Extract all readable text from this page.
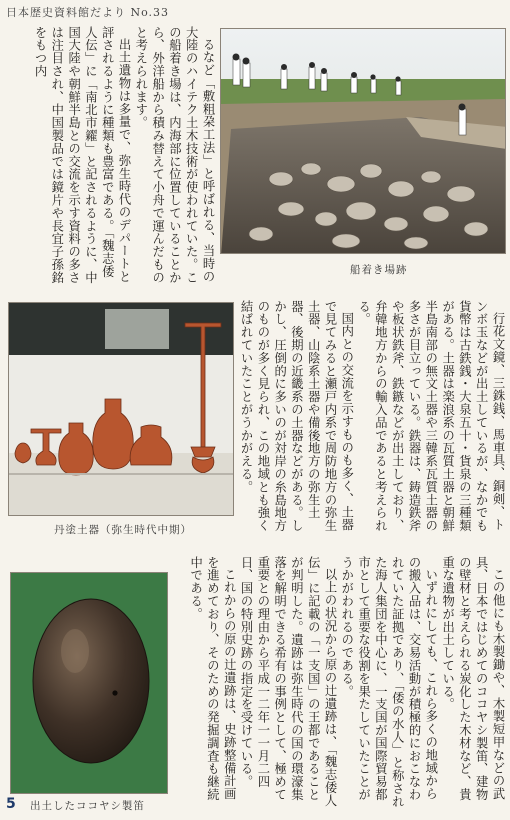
日本歴史資料館だより No.33

るなど「敷粗朶工法」と呼ばれる、当時の大陸のハイテク土木技術が使われていた。この船着き場は、内海部に位置していることから、外洋船から積み替えて小舟で運んだものと考えられます。

出土遺物は多量で、弥生時代のデパートと評されるように種類も豊富である。「魏志倭人伝」に「南北市糴」と記されるように、中国大陸や朝鮮半島との交流を示す資料の多さは注目され、中国製品では鏡片や長宜子孫銘をもつ内

船着き場跡
丹塗土器（弥生時代中期）	行花文鏡、三銖銭、馬車具、銅剣、トンボ玉などが出土しているが、なかでも貨幣は古鉄銭・大泉五十・貨泉の三種類がある。土器は楽浪系の瓦質土器と朝鮮半島南部の無文土器や三韓系瓦質土器の多さが目立っている。鉄器は、鋳造鉄斧や板状鉄斧、鉄鏃などが出土しており、弁韓地方からの輸入品であると考えられる。

国内との交流を示すものも多く、土器で見てみると瀬戸内系で周防地方の弥生土器、山陰系土器や備後地方の弥生土器、後期の近畿系の土器などがある。しかし、圧倒的に多いのが対岸の糸島地方のものが多く見られ、この地域とも強く結ばれていたことがうかがえる。

出土したココヤシ製笛

この他にも木製鋤や、木製短甲などの武具、日本ではじめてのココヤシ製笛、建物の壁材と考えられる炭化した木材など、貴重な遺物が出土している。

いずれにしても、これら多くの地域からの搬入品は、交易活動が積極的におこなわれていた証拠であり、「倭の水人」と称された海人集団を中心に、一支国が国際貿易都市として重要な役割を果たしていたことがうかがわれるのである。

以上の状況から原の辻遺跡は、「魏志倭人伝」に記載の「一支国」の王都であることが判明した。遺跡は弥生時代の国の環濠集落を解明できる希有の事例として、極めて重要との理由から平成一二年一一月二四日、国の特別史跡の指定を受けている。

これからの原の辻遺跡は、史跡整備計画を進めており、そのための発掘調査も継続中である。

5
